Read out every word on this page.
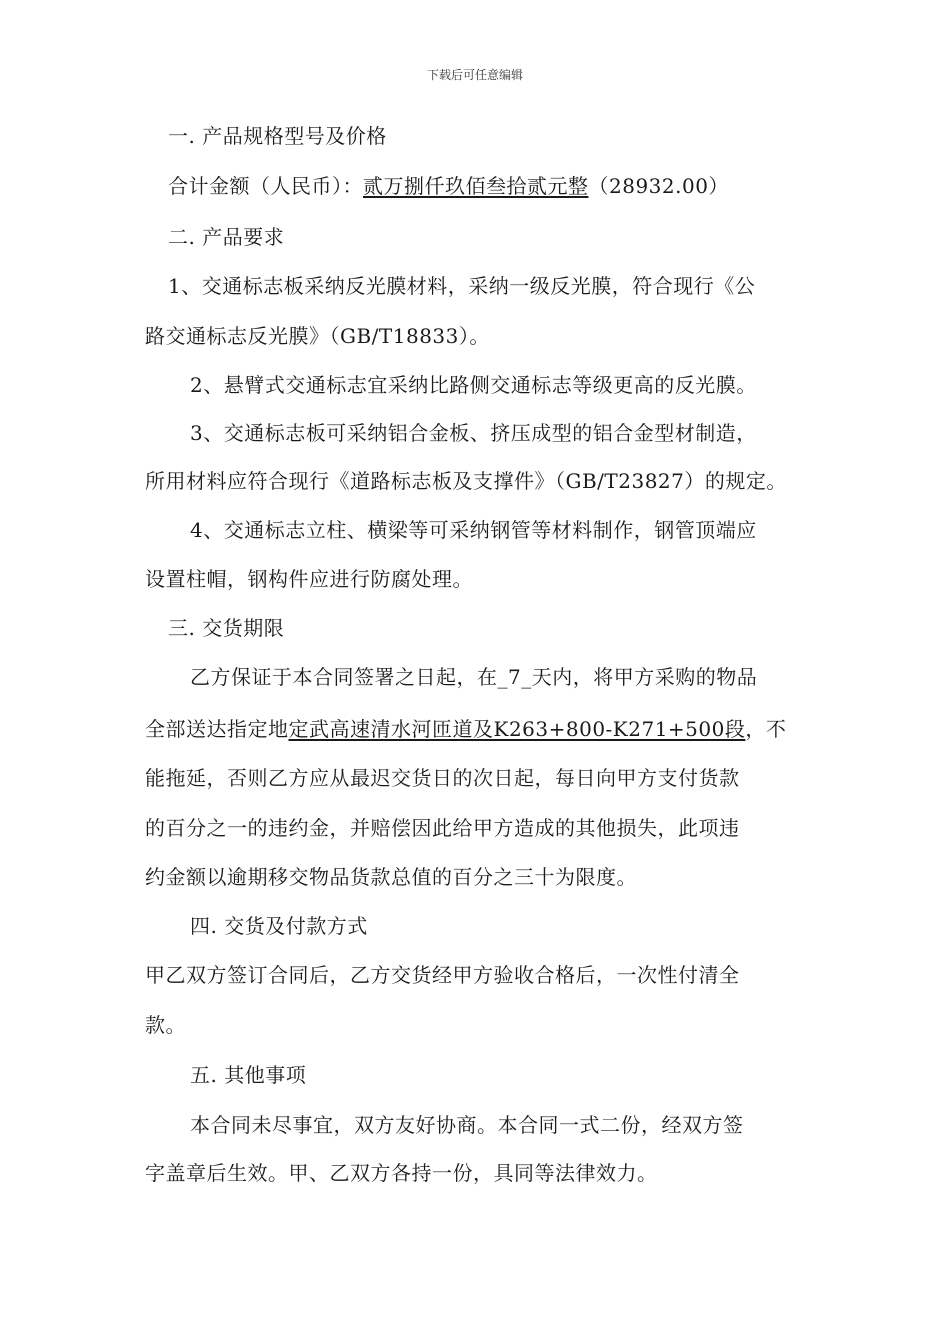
下载后可任意编辑
一. 产品规格型号及价格
合计金额（人民币）：贰万捌仟玖佰叁拾贰元整（28932.00）
二. 产品要求
1、交通标志板采纳反光膜材料，采纳一级反光膜，符合现行《公
路交通标志反光膜》（GB/T18833）。
2、悬臂式交通标志宜采纳比路侧交通标志等级更高的反光膜。
3、交通标志板可采纳铝合金板、挤压成型的铝合金型材制造，
所用材料应符合现行《道路标志板及支撑件》（GB/T23827）的规定。
4、交通标志立柱、横梁等可采纳钢管等材料制作，钢管顶端应
设置柱帽，钢构件应进行防腐处理。
三. 交货期限
乙方保证于本合同签署之日起，在_7_天内，将甲方采购的物品
全部送达指定地定武高速清水河匝道及K263+800-K271+500段，不
能拖延，否则乙方应从最迟交货日的次日起，每日向甲方支付货款
的百分之一的违约金，并赔偿因此给甲方造成的其他损失，此项违
约金额以逾期移交物品货款总值的百分之三十为限度。
四. 交货及付款方式
甲乙双方签订合同后，乙方交货经甲方验收合格后，一次性付清全
款。
五. 其他事项
本合同未尽事宜，双方友好协商。本合同一式二份，经双方签
字盖章后生效。甲、乙双方各持一份，具同等法律效力。
